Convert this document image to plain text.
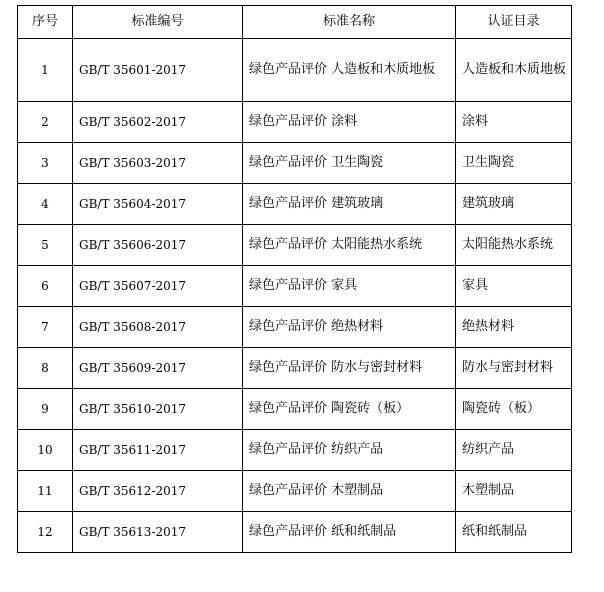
序号	标准编号	标准名称	认证目录
1	GB/T 35601-2017	绿色产品评价 人造板和木质地板	人造板和木质地板
2	GB/T 35602-2017	绿色产品评价 涂料	涂料
3	GB/T 35603-2017	绿色产品评价 卫生陶瓷	卫生陶瓷
4	GB/T 35604-2017	绿色产品评价 建筑玻璃	建筑玻璃
5	GB/T 35606-2017	绿色产品评价 太阳能热水系统	太阳能热水系统
6	GB/T 35607-2017	绿色产品评价 家具	家具
7	GB/T 35608-2017	绿色产品评价 绝热材料	绝热材料
8	GB/T 35609-2017	绿色产品评价 防水与密封材料	防水与密封材料
9	GB/T 35610-2017	绿色产品评价 陶瓷砖（板）	陶瓷砖（板）
10	GB/T 35611-2017	绿色产品评价 纺织产品	纺织产品
11	GB/T 35612-2017	绿色产品评价 木塑制品	木塑制品
12	GB/T 35613-2017	绿色产品评价 纸和纸制品	纸和纸制品
